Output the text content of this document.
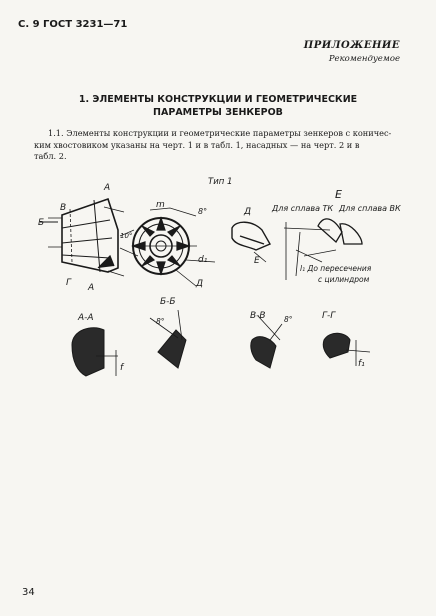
С. 9 ГОСТ 3231—71
ПРИЛОЖЕНИЕ
Рекомендуемое
1. ЭЛЕМЕНТЫ КОНСТРУКЦИИ И ГЕОМЕТРИЧЕСКИЕ
ПАРАМЕТРЫ ЗЕНКЕРОВ
1.1. Элементы конструкции и геометрические параметры зенкеров с коничес-
ким хвостовиком указаны на черт. 1 и в табл. 1, насадных — на черт. 2 и в
табл. 2.
Тип 1
В
Б
А
Г А
10°
m
8°
d₁
Д
Д
Е
Е
Для сплава ТК Для сплава ВК
l₁ До пересечения
с цилиндром
А-А
Б-Б
В-В	Г-Г
f	f₁
8°	8°
34
